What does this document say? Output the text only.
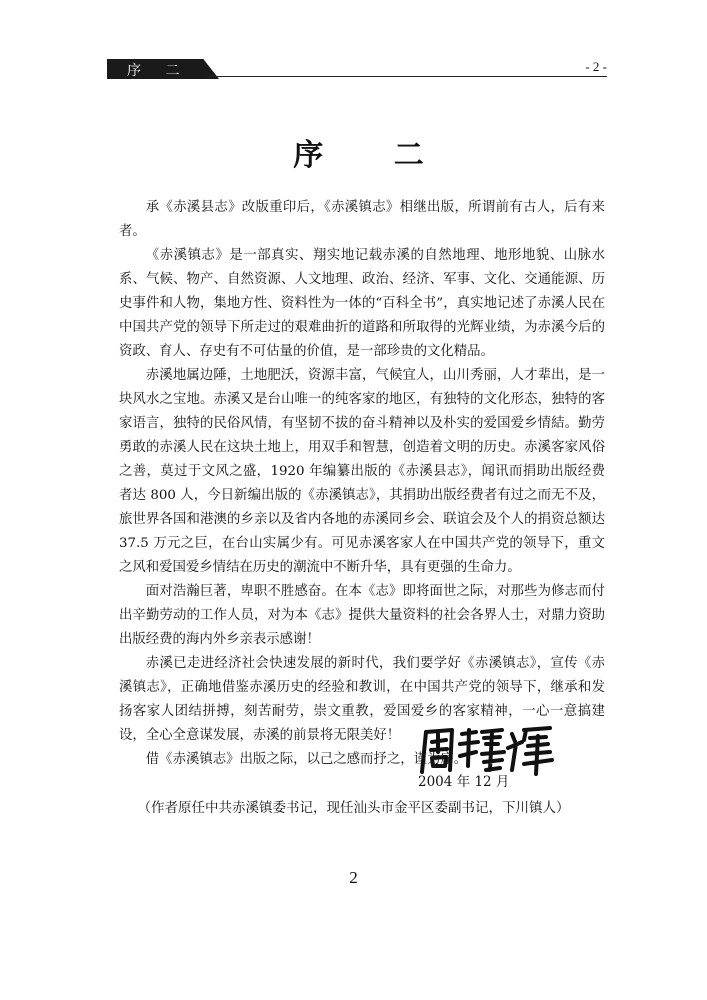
序 二	- 2 -
序 二

承《赤溪县志》改版重印后，《赤溪镇志》相继出版，所谓前有古人，后有来者。

《赤溪镇志》是一部真实、翔实地记载赤溪的自然地理、地形地貌、山脉水系、气候、物产、自然资源、人文地理、政治、经济、军事、文化、交通能源、历史事件和人物，集地方性、资料性为一体的“百科全书”，真实地记述了赤溪人民在中国共产党的领导下所走过的艰难曲折的道路和所取得的光辉业绩，为赤溪今后的资政、育人、存史有不可估量的价值，是一部珍贵的文化精品。

赤溪地属边陲，土地肥沃，资源丰富，气候宜人，山川秀丽，人才辈出，是一块风水之宝地。赤溪又是台山唯一的纯客家的地区，有独特的文化形态，独特的客家语言，独特的民俗风情，有坚韧不拔的奋斗精神以及朴实的爱国爱乡情結。勤劳勇敢的赤溪人民在这块土地上，用双手和智慧，创造着文明的历史。赤溪客家风俗之善，莫过于文风之盛，1920 年编纂出版的《赤溪县志》，闻讯而捐助出版经费者达 800 人，今日新编出版的《赤溪镇志》，其捐助出版经费者有过之而无不及，旅世界各国和港澳的乡亲以及省内各地的赤溪同乡会、联谊会及个人的捐资总额达 37.5 万元之巨，在台山实属少有。可见赤溪客家人在中国共产党的领导下，重文之风和爱国爱乡情结在历史的潮流中不断升华，具有更强的生命力。

面对浩瀚巨著，卑职不胜感奋。在本《志》即将面世之际，对那些为修志而付出辛勤劳动的工作人员，对为本《志》提供大量资料的社会各界人士，对鼎力资助出版经费的海内外乡亲表示感谢！

赤溪已走进经济社会快速发展的新时代，我们要学好《赤溪镇志》，宣传《赤溪镇志》，正确地借鉴赤溪历史的经验和教训，在中国共产党的领导下，继承和发扬客家人团结拼搏，刻苦耐劳，崇文重教，爱国爱乡的客家精神，一心一意搞建设，全心全意谋发展，赤溪的前景将无限美好！

借《赤溪镇志》出版之际，以己之感而抒之，谨为序。

2004 年 12 月
（作者原任中共赤溪镇委书记，现任汕头市金平区委副书记，下川镇人）
2
